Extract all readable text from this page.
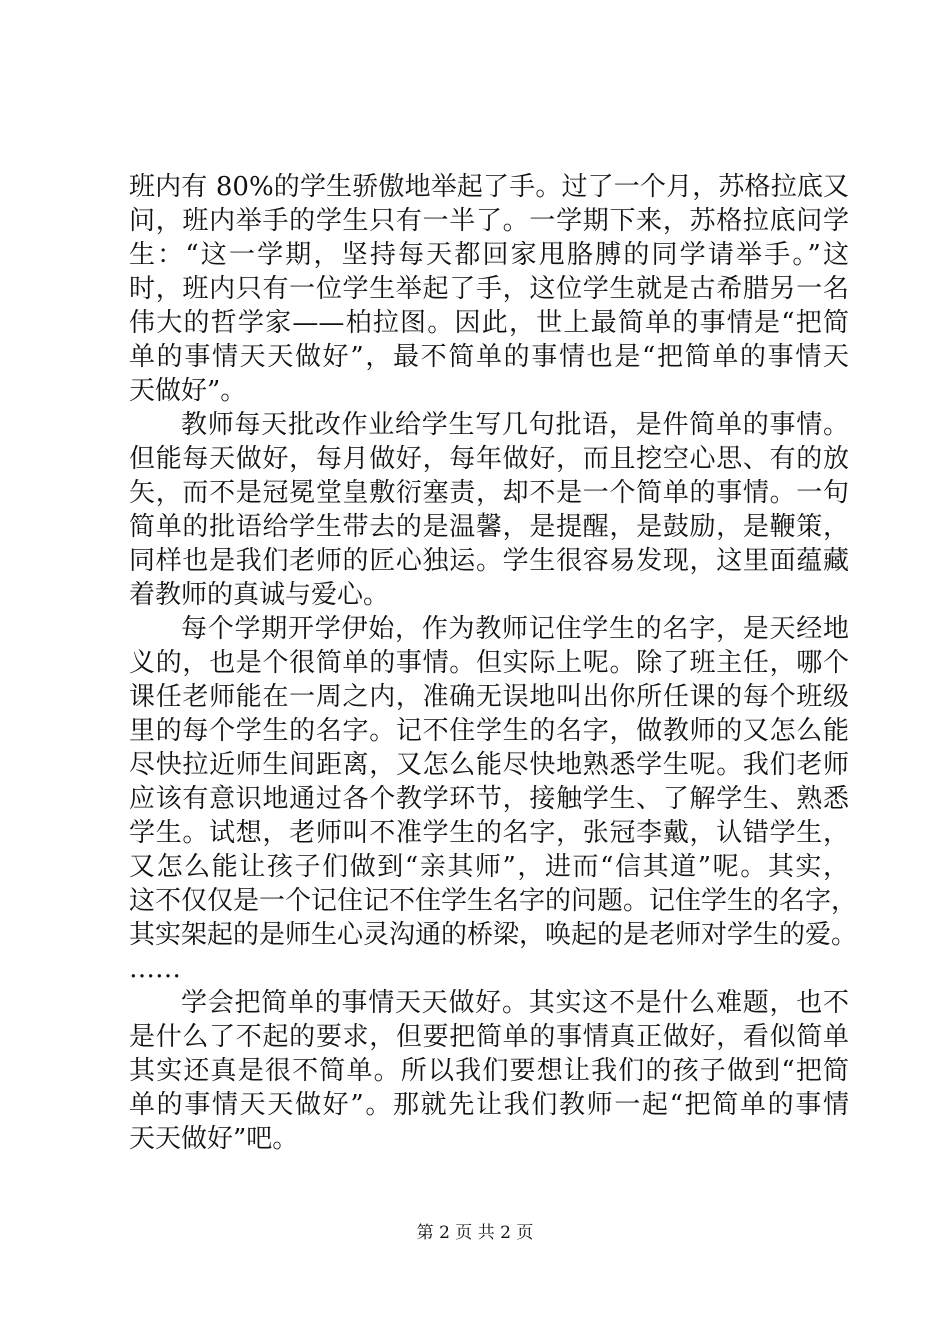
班内有 80%的学生骄傲地举起了手。过了一个月，苏格拉底又
问，班内举手的学生只有一半了。一学期下来，苏格拉底问学
生：“这一学期，坚持每天都回家甩胳膊的同学请举手。”这
时，班内只有一位学生举起了手，这位学生就是古希腊另一名
伟大的哲学家——柏拉图。因此，世上最简单的事情是“把简
单的事情天天做好”，最不简单的事情也是“把简单的事情天
天做好”。
教师每天批改作业给学生写几句批语，是件简单的事情。
但能每天做好，每月做好，每年做好，而且挖空心思、有的放
矢，而不是冠冕堂皇敷衍塞责，却不是一个简单的事情。一句
简单的批语给学生带去的是温馨，是提醒，是鼓励，是鞭策，
同样也是我们老师的匠心独运。学生很容易发现，这里面蕴藏
着教师的真诚与爱心。
每个学期开学伊始，作为教师记住学生的名字，是天经地
义的，也是个很简单的事情。但实际上呢。除了班主任，哪个
课任老师能在一周之内，准确无误地叫出你所任课的每个班级
里的每个学生的名字。记不住学生的名字，做教师的又怎么能
尽快拉近师生间距离，又怎么能尽快地熟悉学生呢。我们老师
应该有意识地通过各个教学环节，接触学生、了解学生、熟悉
学生。试想，老师叫不准学生的名字，张冠李戴，认错学生，
又怎么能让孩子们做到“亲其师”，进而“信其道”呢。其实，
这不仅仅是一个记住记不住学生名字的问题。记住学生的名字，
其实架起的是师生心灵沟通的桥梁，唤起的是老师对学生的爱。
……
学会把简单的事情天天做好。其实这不是什么难题，也不
是什么了不起的要求，但要把简单的事情真正做好，看似简单
其实还真是很不简单。所以我们要想让我们的孩子做到“把简
单的事情天天做好”。那就先让我们教师一起“把简单的事情
天天做好”吧。
第 2 页 共 2 页
